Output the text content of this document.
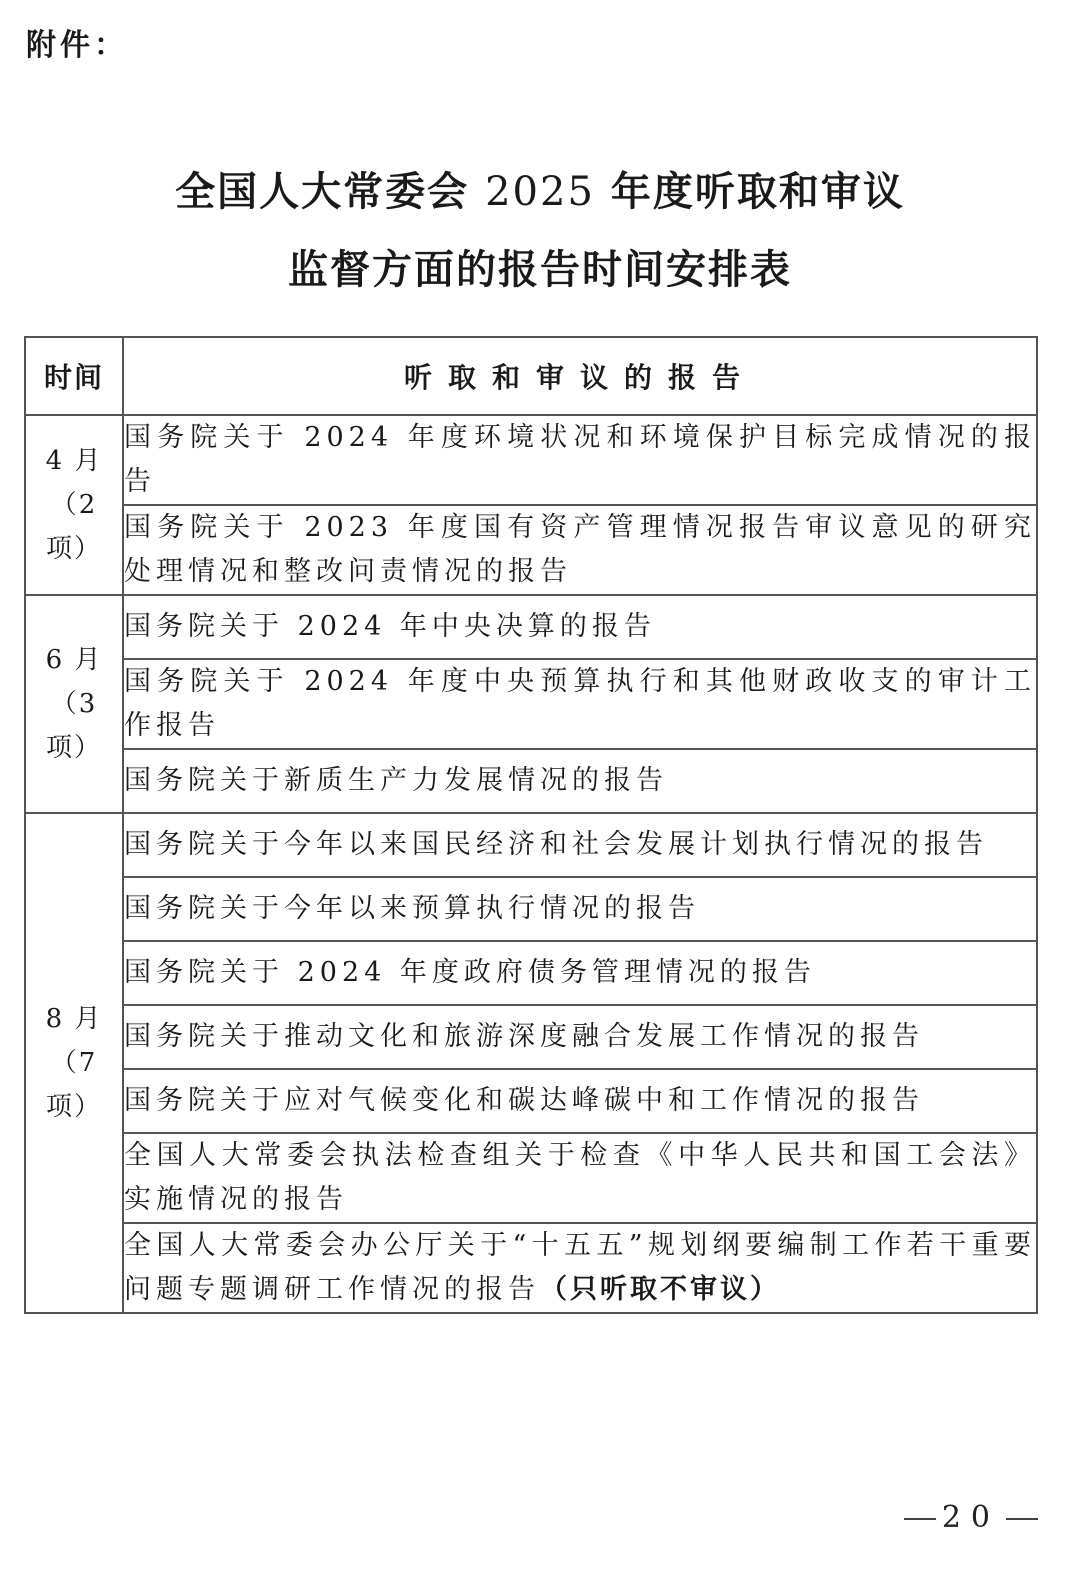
附件：
全国人大常委会 2025 年度听取和审议
监督方面的报告时间安排表
时间	听取和审议的报告

4 月
（2 项）	国务院关于 2024 年度环境状况和环境保护目标完成情况的报告
	国务院关于 2023 年度国有资产管理情况报告审议意见的研究处理情况和整改问责情况的报告

6 月
（3 项）	国务院关于 2024 年中央决算的报告
	国务院关于 2024 年度中央预算执行和其他财政收支的审计工作报告
	国务院关于新质生产力发展情况的报告

8 月
（7 项）	国务院关于今年以来国民经济和社会发展计划执行情况的报告
	国务院关于今年以来预算执行情况的报告
	国务院关于 2024 年度政府债务管理情况的报告
	国务院关于推动文化和旅游深度融合发展工作情况的报告
	国务院关于应对气候变化和碳达峰碳中和工作情况的报告
	全国人大常委会执法检查组关于检查《中华人民共和国工会法》实施情况的报告
	全国人大常委会办公厅关于“十五五”规划纲要编制工作若干重要问题专题调研工作情况的报告（只听取不审议）
20
